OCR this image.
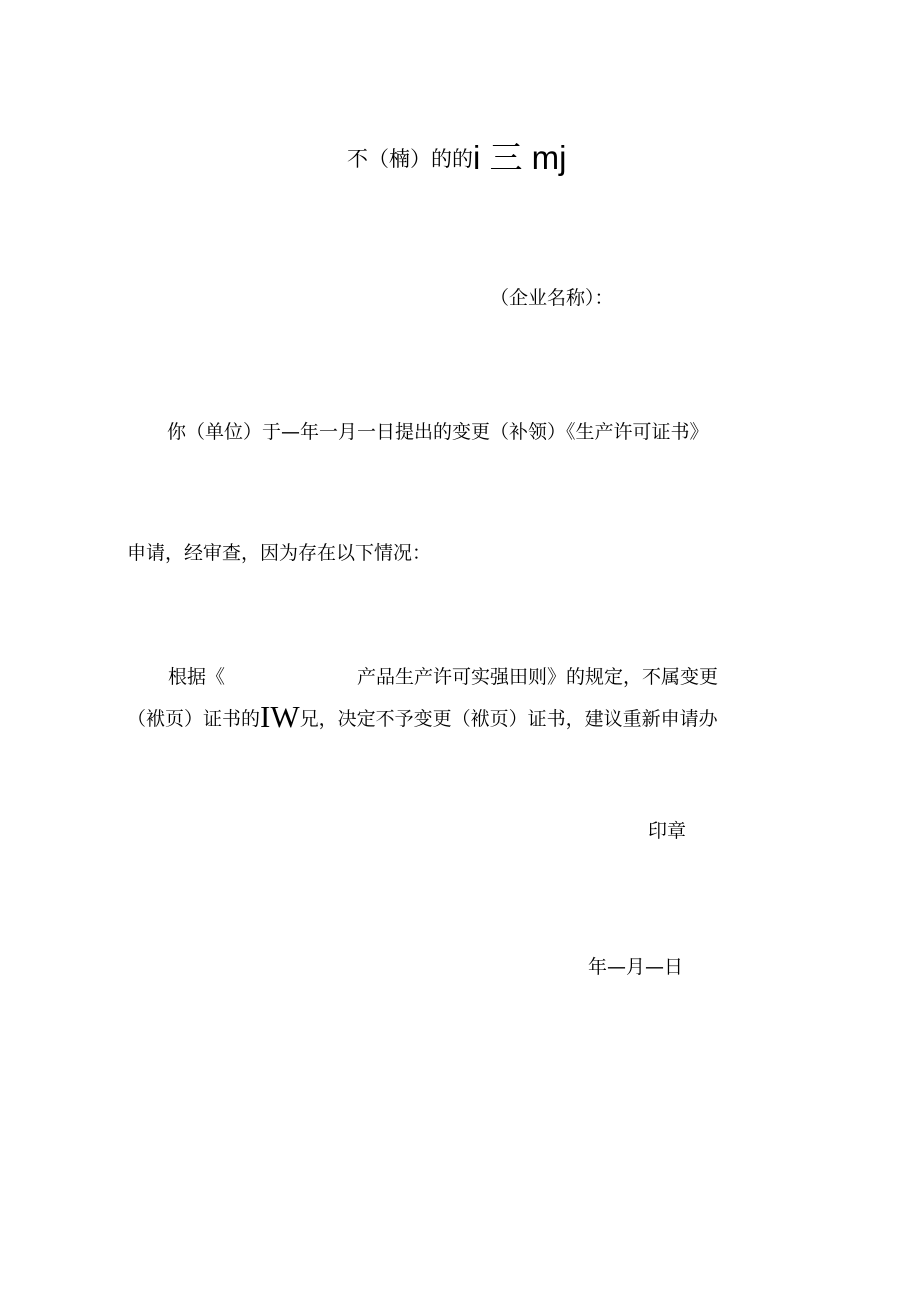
不（楠）的的i 三 mj
（企业名称）：
你（单位）于—年一月一日提出的变更（补领）《生产许可证书》
申请，经审查，因为存在以下情况：
根据《	产品生产许可实强田则》的规定，不属变更
（袱页）证书的IW兄，决定不予变更（袱页）证书，建议重新申请办
印章
年—月—日
